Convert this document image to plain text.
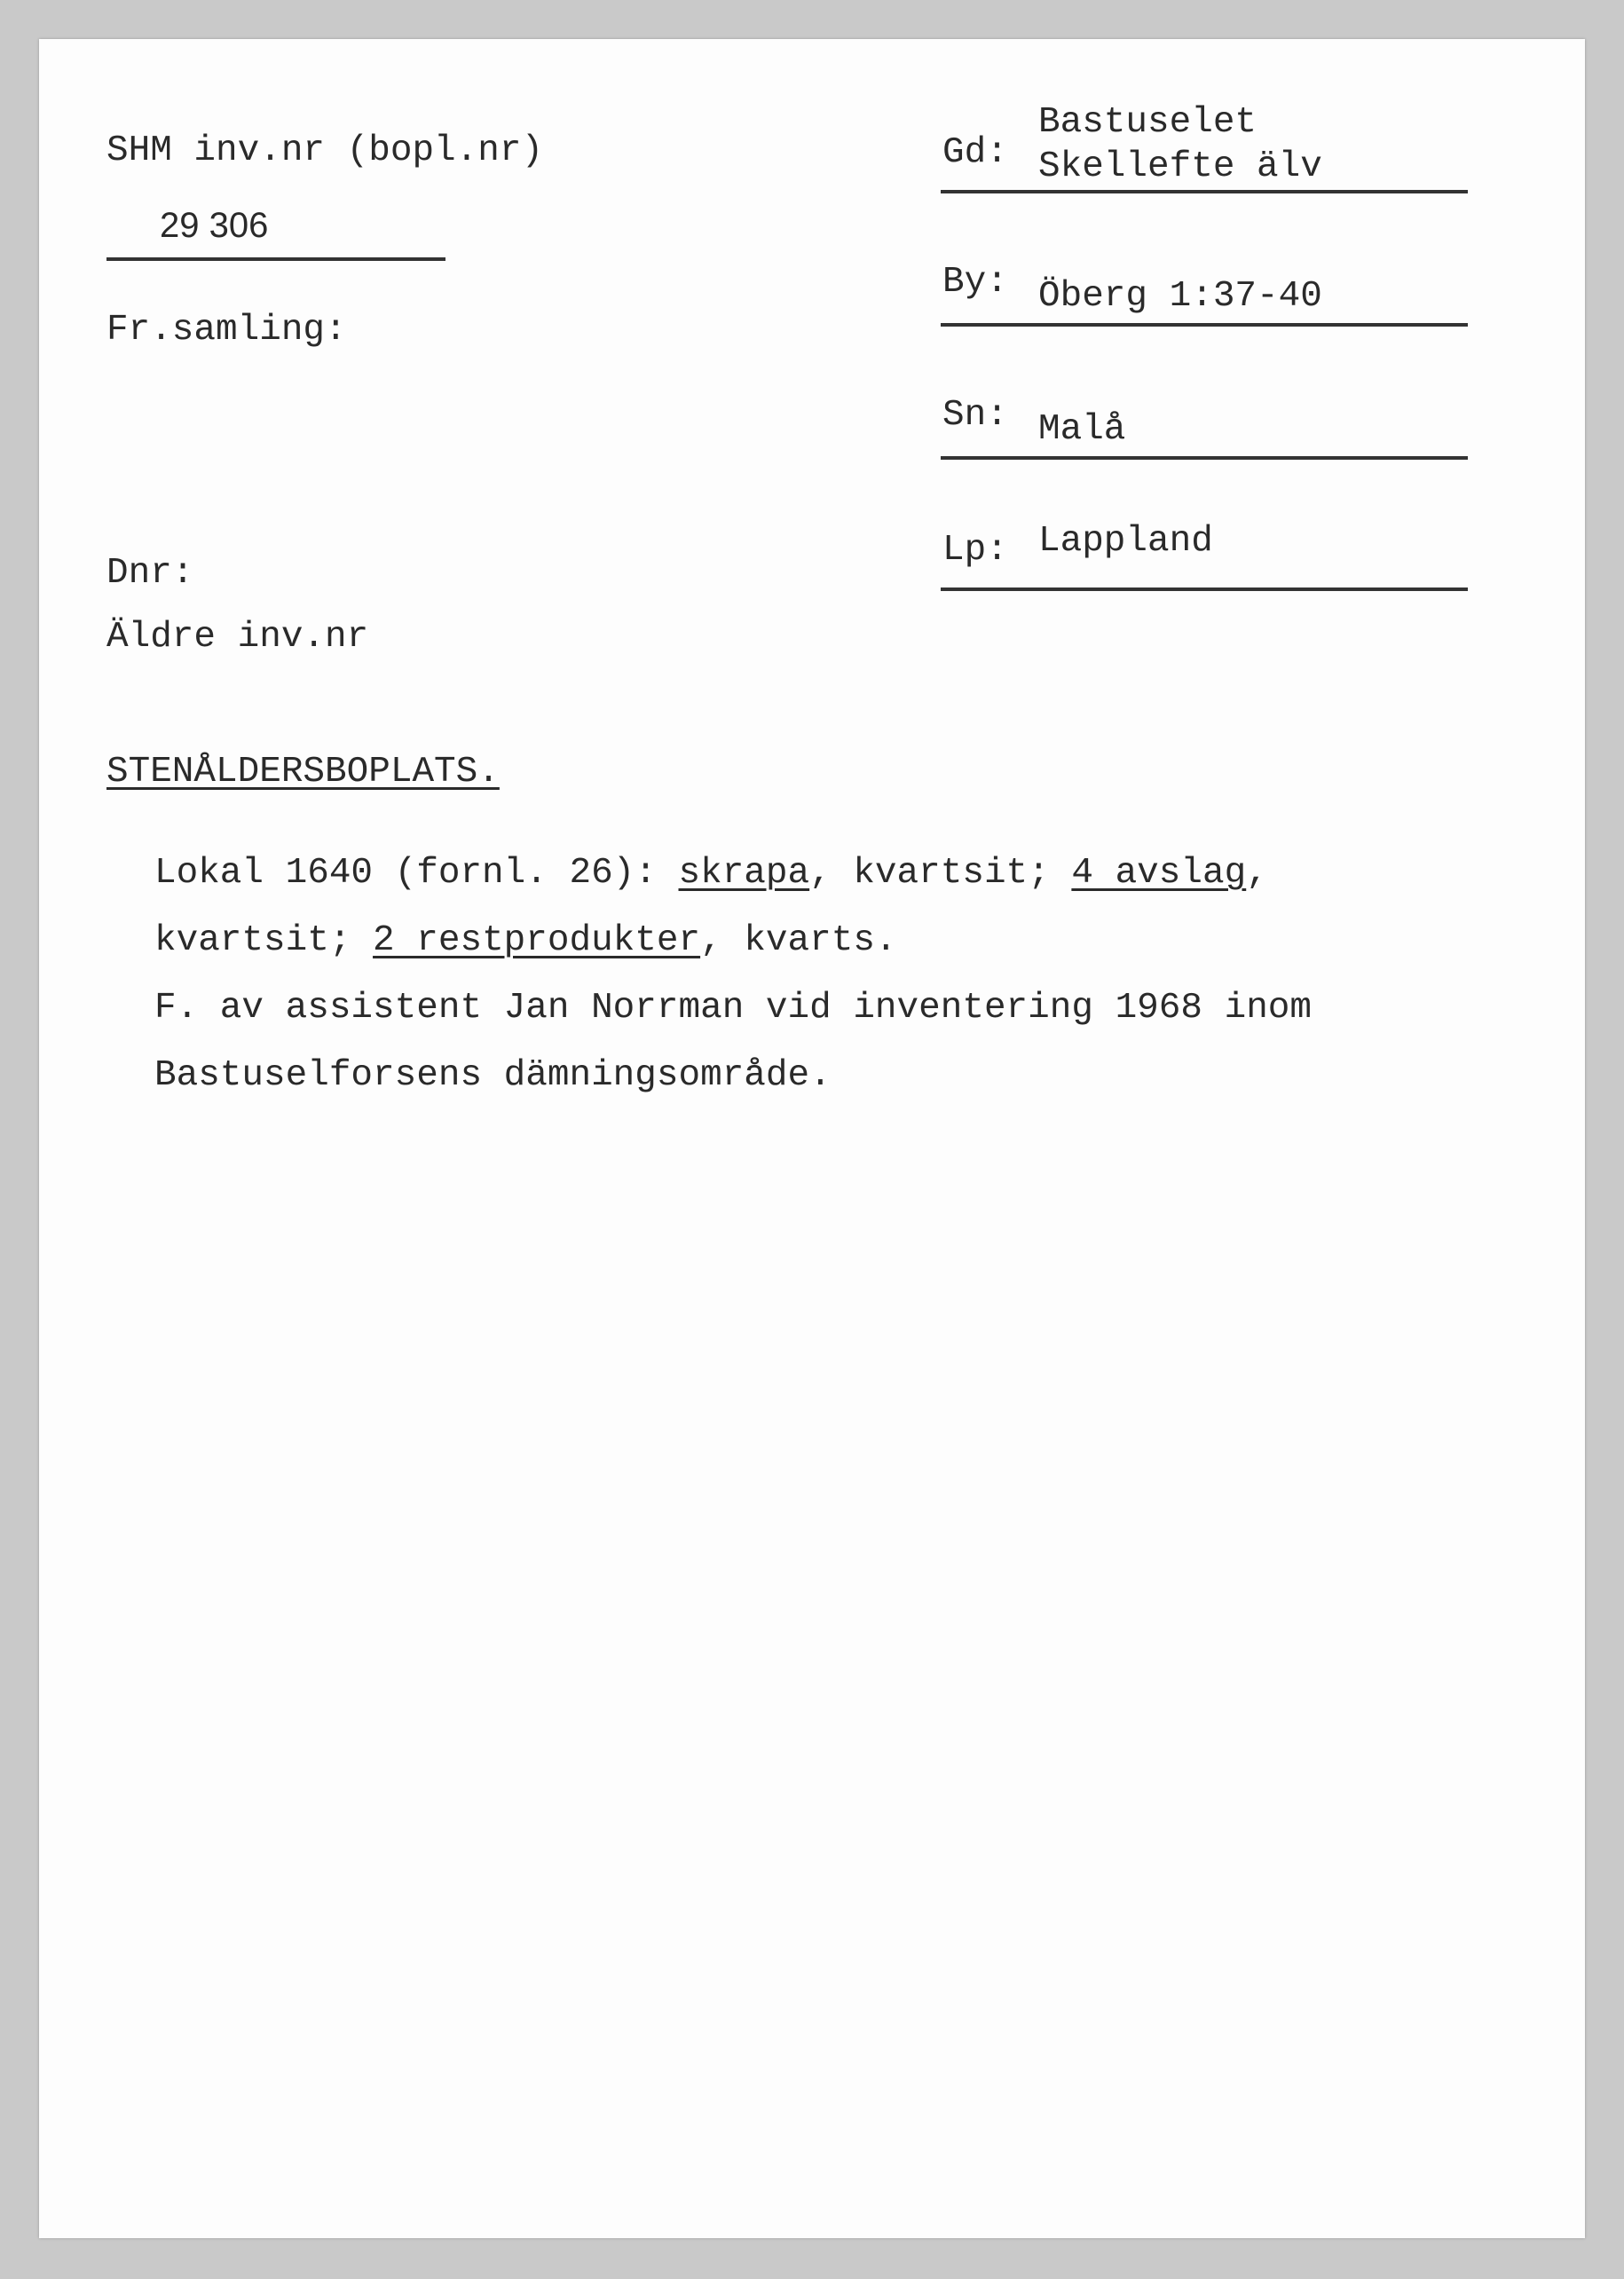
SHM inv.nr (bopl.nr)
29 306
Fr.samling:
Dnr:
Äldre inv.nr
Gd:
Bastuselet
Skellefte älv
By: Öberg 1:37-40
Sn: Malå
Lp: Lappland
STENÅLDERSBOPLATS.
Lokal 1640 (fornl. 26): skrapa, kvartsit; 4 avslag,
kvartsit; 2 restprodukter, kvarts.
F. av assistent Jan Norrman vid inventering 1968 inom
Bastuselforsens dämningsområde.
